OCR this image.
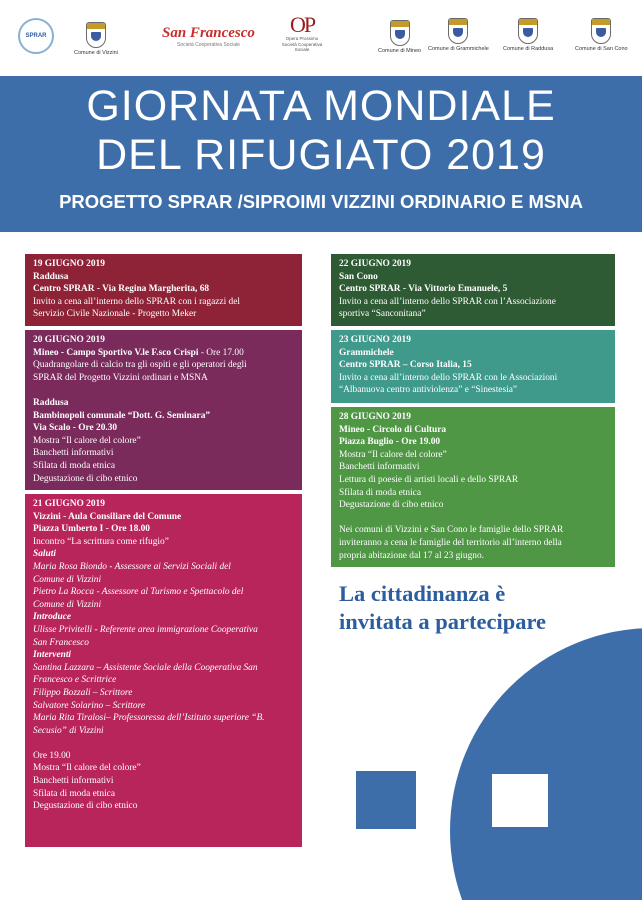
SPRAR
Comune di Vizzini
San Francesco
Società Cooperativa Sociale
OP
Opera Prossimo
Società Cooperativa Sociale	Comune di Mineo Comune di Grammichele	Comune di Raddusa	Comune di San Cono
GIORNATA MONDIALE
DEL RIFUGIATO 2019
PROGETTO SPRAR /SIPROIMI VIZZINI ORDINARIO E MSNA

19 GIUGNO 2019

Raddusa

Centro SPRAR - Via Regina Margherita, 68

Invito a cena all’interno dello SPRAR con i ragazzi del

Servizio Civile Nazionale - Progetto Meker

20 GIUGNO 2019

Mineo - Campo Sportivo V.le F.sco Crispi - Ore 17.00

Quadrangolare di calcio tra gli ospiti e gli operatori degli

SPRAR del Progetto Vizzini ordinari e MSNA

Raddusa

Bambinopoli comunale “Dott. G. Seminara”

Via Scalo - Ore 20.30

Mostra “Il calore del colore”

Banchetti informativi

Sfilata di moda etnica

Degustazione di cibo etnico

21 GIUGNO 2019

Vizzini - Aula Consiliare del Comune

Piazza Umberto I - Ore 18.00

Incontro “La scrittura come rifugio”

Saluti

Maria Rosa Biondo - Assessore ai Servizi Sociali del

Comune di Vizzini

Pietro La Rocca - Assessore al Turismo e Spettacolo del

Comune di Vizzini

Introduce

Ulisse Privitelli - Referente area immigrazione Cooperativa

San Francesco

Interventi

Santina Lazzara – Assistente Sociale della Cooperativa San

Francesco e Scrittrice

Filippo Bozzali – Scrittore

Salvatore Solarino – Scrittore

Maria Rita Tiralosi– Professoressa dell’Istituto superiore “B.

Secusio” di Vizzini

Ore 19.00

Mostra “Il calore del colore”

Banchetti informativi

Sfilata di moda etnica

Degustazione di cibo etnico

22 GIUGNO 2019

San Cono

Centro SPRAR - Via Vittorio Emanuele, 5

Invito a cena all’interno dello SPRAR con l’Associazione

sportiva “Sanconitana”

23 GIUGNO 2019

Grammichele

Centro SPRAR – Corso Italia, 15

Invito a cena all’interno dello SPRAR con le Associazioni

“Albanuova centro antiviolenza” e “Sinestesia”

28 GIUGNO 2019

Mineo - Circolo di Cultura

Piazza Buglio - Ore 19.00

Mostra “Il calore del colore”

Banchetti informativi

Lettura di poesie di artisti locali e dello SPRAR

Sfilata di moda etnica

Degustazione di cibo etnico

Nei comuni di Vizzini e San Cono le famiglie dello SPRAR

inviteranno a cena le famiglie del territorio all’interno della

propria abitazione dal 17 al 23 giugno.

La cittadinanza è
invitata a partecipare
